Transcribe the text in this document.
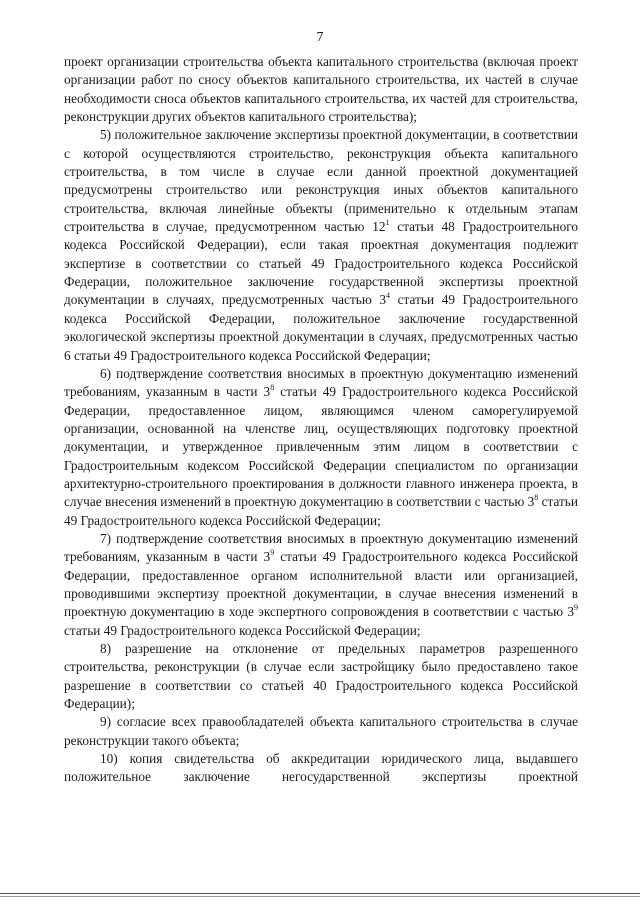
7

проект организации строительства объекта капитального строительства (включая проект организации работ по сносу объектов капитального строительства, их частей в случае необходимости сноса объектов капитального строительства, их частей для строительства, реконструкции других объектов капитального строительства);

5) положительное заключение экспертизы проектной документации, в соответствии с которой осуществляются строительство, реконструкция объекта капитального строительства, в том числе в случае если данной проектной документацией предусмотрены строительство или реконструкция иных объектов капитального строительства, включая линейные объекты (применительно к отдельным этапам строительства в случае, предусмотренном частью $12^1$ статьи 48 Градостроительного кодекса Российской Федерации), если такая проектная документация подлежит экспертизе в соответствии со статьей 49 Градостроительного кодекса Российской Федерации, положительное заключение государственной экспертизы проектной документации в случаях, предусмотренных частью $3^4$ статьи 49 Градостроительного кодекса Российской Федерации, положительное заключение государственной экологической экспертизы проектной документации в случаях, предусмотренных частью 6 статьи 49 Градостроительного кодекса Российской Федерации;

6) подтверждение соответствия вносимых в проектную документацию изменений требованиям, указанным в части $3^8$ статьи 49 Градостроительного кодекса Российской Федерации, предоставленное лицом, являющимся членом саморегулируемой организации, основанной на членстве лиц, осуществляющих подготовку проектной документации, и утвержденное привлеченным этим лицом в соответствии с Градостроительным кодексом Российской Федерации специалистом по организации архитектурно-строительного проектирования в должности главного инженера проекта, в случае внесения изменений в проектную документацию в соответствии с частью $3^8$ статьи 49 Градостроительного кодекса Российской Федерации;

7) подтверждение соответствия вносимых в проектную документацию изменений требованиям, указанным в части $3^9$ статьи 49 Градостроительного кодекса Российской Федерации, предоставленное органом исполнительной власти или организацией, проводившими экспертизу проектной документации, в случае внесения изменений в проектную документацию в ходе экспертного сопровождения в соответствии с частью $3^9$ статьи 49 Градостроительного кодекса Российской Федерации;

8) разрешение на отклонение от предельных параметров разрешенного строительства, реконструкции (в случае если застройщику было предоставлено такое разрешение в соответствии со статьей 40 Градостроительного кодекса Российской Федерации);

9) согласие всех правообладателей объекта капитального строительства в случае реконструкции такого объекта;

10) копия свидетельства об аккредитации юридического лица, выдавшего положительное заключение негосударственной экспертизы проектной
